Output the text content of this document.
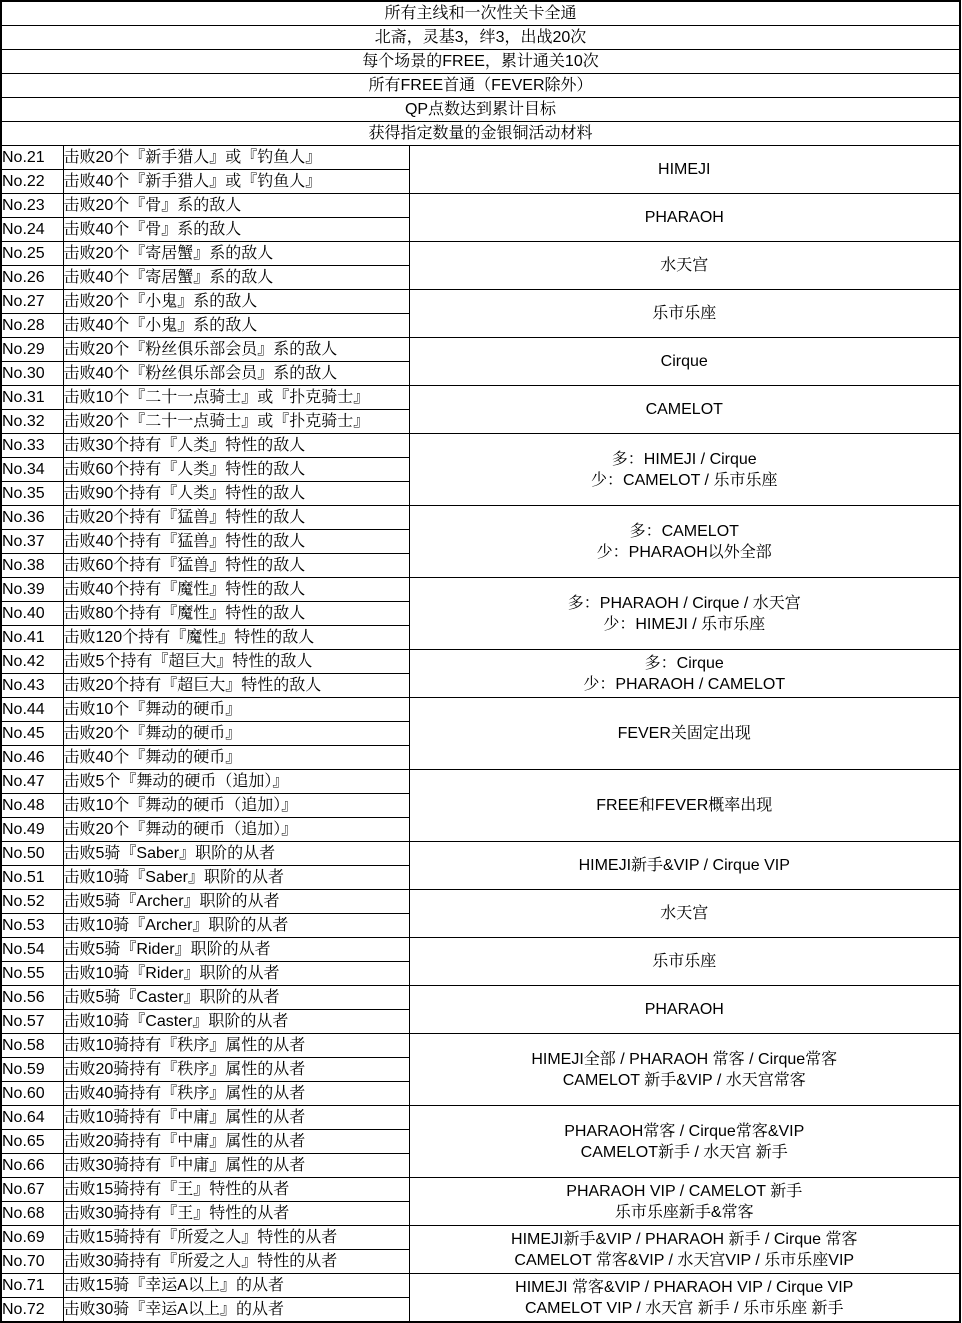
所有主线和一次性关卡全通		
北斋，灵基3，绊3，出战20次		
每个场景的FREE，累计通关10次		
所有FREE首通（FEVER除外）		
QP点数达到累计目标		
获得指定数量的金银铜活动材料		
No.21	击败20个『新手猎人』或『钓鱼人』	HIMEJI

No.22	击败40个『新手猎人』或『钓鱼人』	
No.23	击败20个『骨』系的敌人	PHARAOH

No.24	击败40个『骨』系的敌人	
No.25	击败20个『寄居蟹』系的敌人	水天宫

No.26	击败40个『寄居蟹』系的敌人	
No.27	击败20个『小鬼』系的敌人	乐市乐座

No.28	击败40个『小鬼』系的敌人	
No.29	击败20个『粉丝俱乐部会员』系的敌人	Cirque

No.30	击败40个『粉丝俱乐部会员』系的敌人	
No.31	击败10个『二十一点骑士』或『扑克骑士』	CAMELOT

No.32	击败20个『二十一点骑士』或『扑克骑士』	
No.33	击败30个持有『人类』特性的敌人	多：HIMEJI / Cirque
少：CAMELOT / 乐市乐座

No.34	击败60个持有『人类』特性的敌人	
No.35	击败90个持有『人类』特性的敌人	
No.36	击败20个持有『猛兽』特性的敌人	多：CAMELOT
少：PHARAOH以外全部

No.37	击败40个持有『猛兽』特性的敌人	
No.38	击败60个持有『猛兽』特性的敌人	
No.39	击败40个持有『魔性』特性的敌人	多：PHARAOH / Cirque / 水天宫
少：HIMEJI / 乐市乐座

No.40	击败80个持有『魔性』特性的敌人	
No.41	击败120个持有『魔性』特性的敌人	
No.42	击败5个持有『超巨大』特性的敌人	多：Cirque
少：PHARAOH / CAMELOT

No.43	击败20个持有『超巨大』特性的敌人	
No.44	击败10个『舞动的硬币』	FEVER关固定出现

No.45	击败20个『舞动的硬币』	
No.46	击败40个『舞动的硬币』	
No.47	击败5个『舞动的硬币（追加）』	FREE和FEVER概率出现

No.48	击败10个『舞动的硬币（追加）』	
No.49	击败20个『舞动的硬币（追加）』	
No.50	击败5骑『Saber』职阶的从者	HIMEJI新手&VIP / Cirque VIP

No.51	击败10骑『Saber』职阶的从者	
No.52	击败5骑『Archer』职阶的从者	水天宫

No.53	击败10骑『Archer』职阶的从者	
No.54	击败5骑『Rider』职阶的从者	乐市乐座

No.55	击败10骑『Rider』职阶的从者	
No.56	击败5骑『Caster』职阶的从者	PHARAOH

No.57	击败10骑『Caster』职阶的从者	
No.58	击败10骑持有『秩序』属性的从者	HIMEJI全部 / PHARAOH 常客 / Cirque常客
CAMELOT 新手&VIP / 水天宫常客

No.59	击败20骑持有『秩序』属性的从者	
No.60	击败40骑持有『秩序』属性的从者	
No.64	击败10骑持有『中庸』属性的从者	PHARAOH常客 / Cirque常客&VIP
CAMELOT新手 / 水天宫 新手

No.65	击败20骑持有『中庸』属性的从者	
No.66	击败30骑持有『中庸』属性的从者	
No.67	击败15骑持有『王』特性的从者	PHARAOH VIP / CAMELOT 新手
乐市乐座新手&常客

No.68	击败30骑持有『王』特性的从者	
No.69	击败15骑持有『所爱之人』特性的从者	HIMEJI新手&VIP / PHARAOH 新手 / Cirque 常客
CAMELOT 常客&VIP / 水天宫VIP / 乐市乐座VIP

No.70	击败30骑持有『所爱之人』特性的从者	
No.71	击败15骑『幸运A以上』的从者	HIMEJI 常客&VIP / PHARAOH VIP / Cirque VIP
CAMELOT VIP / 水天宫 新手 / 乐市乐座 新手

No.72	击败30骑『幸运A以上』的从者	
